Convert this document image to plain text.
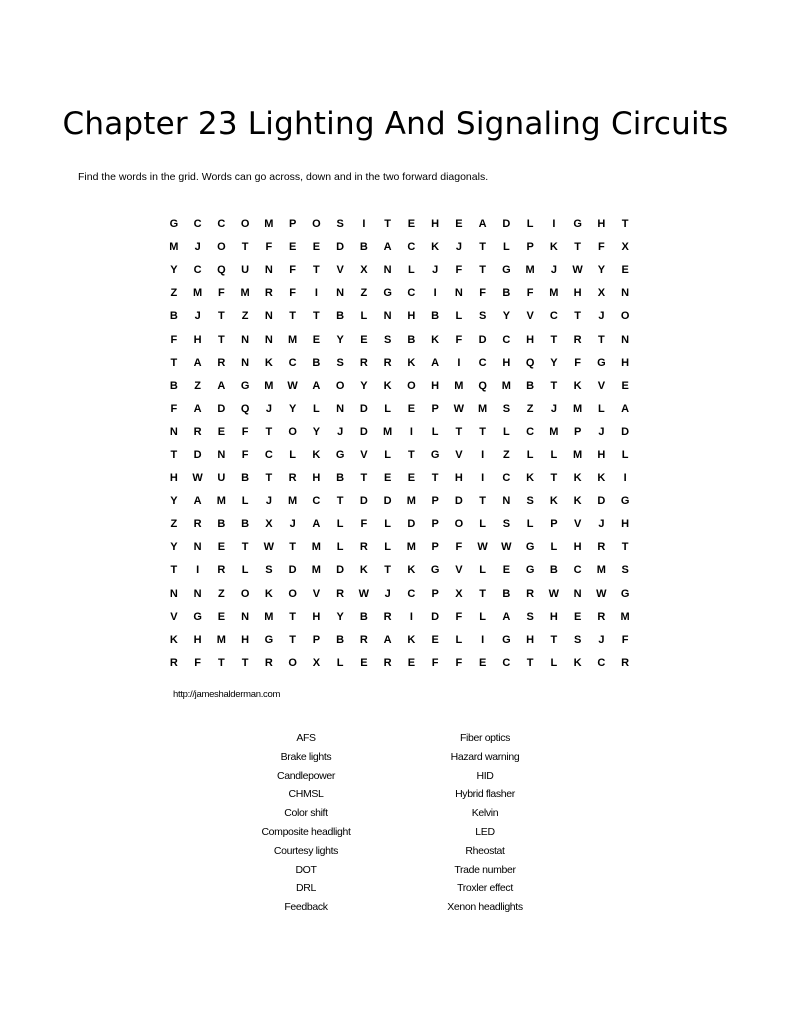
Chapter 23 Lighting And Signaling Circuits
Find the words in the grid. Words can go across, down and in the two forward diagonals.
G	C	C	O	M	P	O	S	I	T	E	H	E	A	D	L	I	G	H	T
M	J	O	T	F	E	E	D	B	A	C	K	J	T	L	P	K	T	F	X
Y	C	Q	U	N	F	T	V	X	N	L	J	F	T	G	M	J	W	Y	E
Z	M	F	M	R	F	I	N	Z	G	C	I	N	F	B	F	M	H	X	N
B	J	T	Z	N	T	T	B	L	N	H	B	L	S	Y	V	C	T	J	O
F	H	T	N	N	M	E	Y	E	S	B	K	F	D	C	H	T	R	T	N
T	A	R	N	K	C	B	S	R	R	K	A	I	C	H	Q	Y	F	G	H
B	Z	A	G	M	W	A	O	Y	K	O	H	M	Q	M	B	T	K	V	E
F	A	D	Q	J	Y	L	N	D	L	E	P	W	M	S	Z	J	M	L	A
N	R	E	F	T	O	Y	J	D	M	I	L	T	T	L	C	M	P	J	D
T	D	N	F	C	L	K	G	V	L	T	G	V	I	Z	L	L	M	H	L
H	W	U	B	T	R	H	B	T	E	E	T	H	I	C	K	T	K	K	I
Y	A	M	L	J	M	C	T	D	D	M	P	D	T	N	S	K	K	D	G
Z	R	B	B	X	J	A	L	F	L	D	P	O	L	S	L	P	V	J	H
Y	N	E	T	W	T	M	L	R	L	M	P	F	W	W	G	L	H	R	T
T	I	R	L	S	D	M	D	K	T	K	G	V	L	E	G	B	C	M	S
N	N	Z	O	K	O	V	R	W	J	C	P	X	T	B	R	W	N	W	G
V	G	E	N	M	T	H	Y	B	R	I	D	F	L	A	S	H	E	R	M
K	H	M	H	G	T	P	B	R	A	K	E	L	I	G	H	T	S	J	F
R	F	T	T	R	O	X	L	E	R	E	F	F	E	C	T	L	K	C	R
http://jameshalderman.com
AFS
Brake lights
Candlepower
CHMSL
Color shift
Composite headlight
Courtesy lights
DOT
DRL
Feedback
Fiber optics
Hazard warning
HID
Hybrid flasher
Kelvin
LED
Rheostat
Trade number
Troxler effect
Xenon headlights
